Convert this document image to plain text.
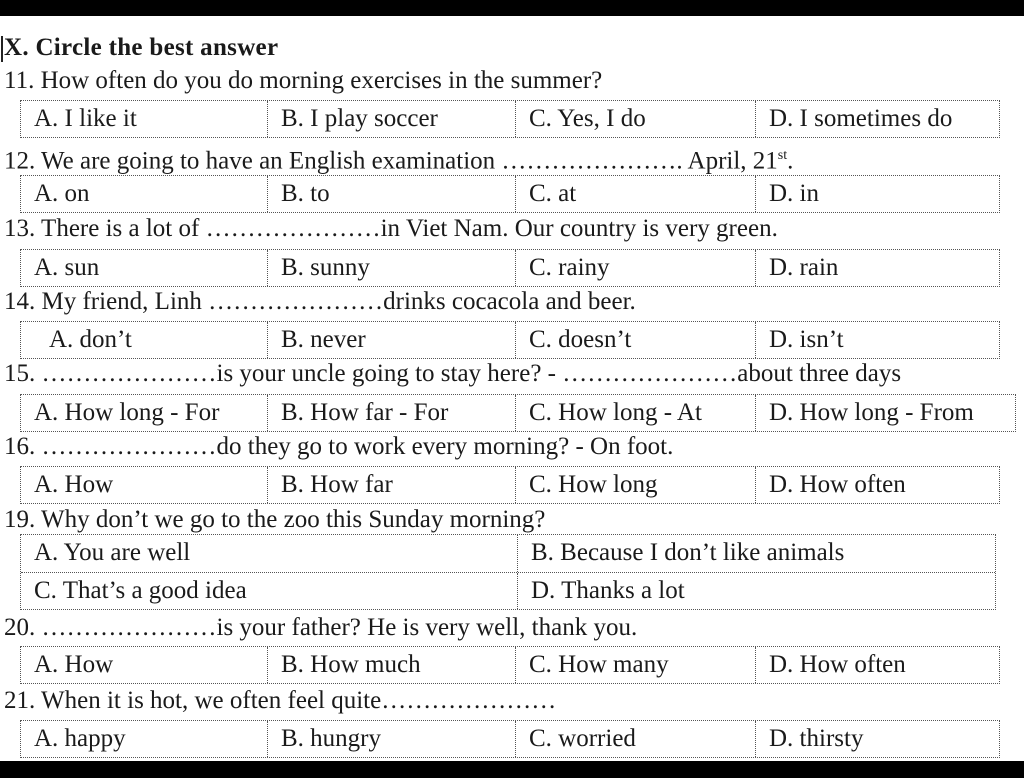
X. Circle the best answer
11. How often do you do morning exercises in the summer?
A. I like it	B. I play soccer	C. Yes, I do	D. I sometimes do
12. We are going to have an English examination …………………. April, 21st.
A. on	B. to	C. at	D. in
13. There is a lot of …………………in Viet Nam. Our country is very green.
A. sun	B. sunny	C. rainy	D. rain
14. My friend, Linh …………………drinks cocacola and beer.
A. don’t	B. never	C. doesn’t	D. isn’t
15. …………………is your uncle going to stay here? - …………………about three days
A. How long - For	B. How far - For	C. How long - At	D. How long - From
16. …………………do they go to work every morning? - On foot.
A. How	B. How far	C. How long	D. How often
19. Why don’t we go to the zoo this Sunday morning?
A. You are well	B. Because I don’t like animals
C. That’s a good idea	D. Thanks a lot
20. …………………is your father? He is very well, thank you.
A. How	B. How much	C. How many	D. How often
21. When it is hot, we often feel quite…………………
A. happy	B. hungry	C. worried	D. thirsty
